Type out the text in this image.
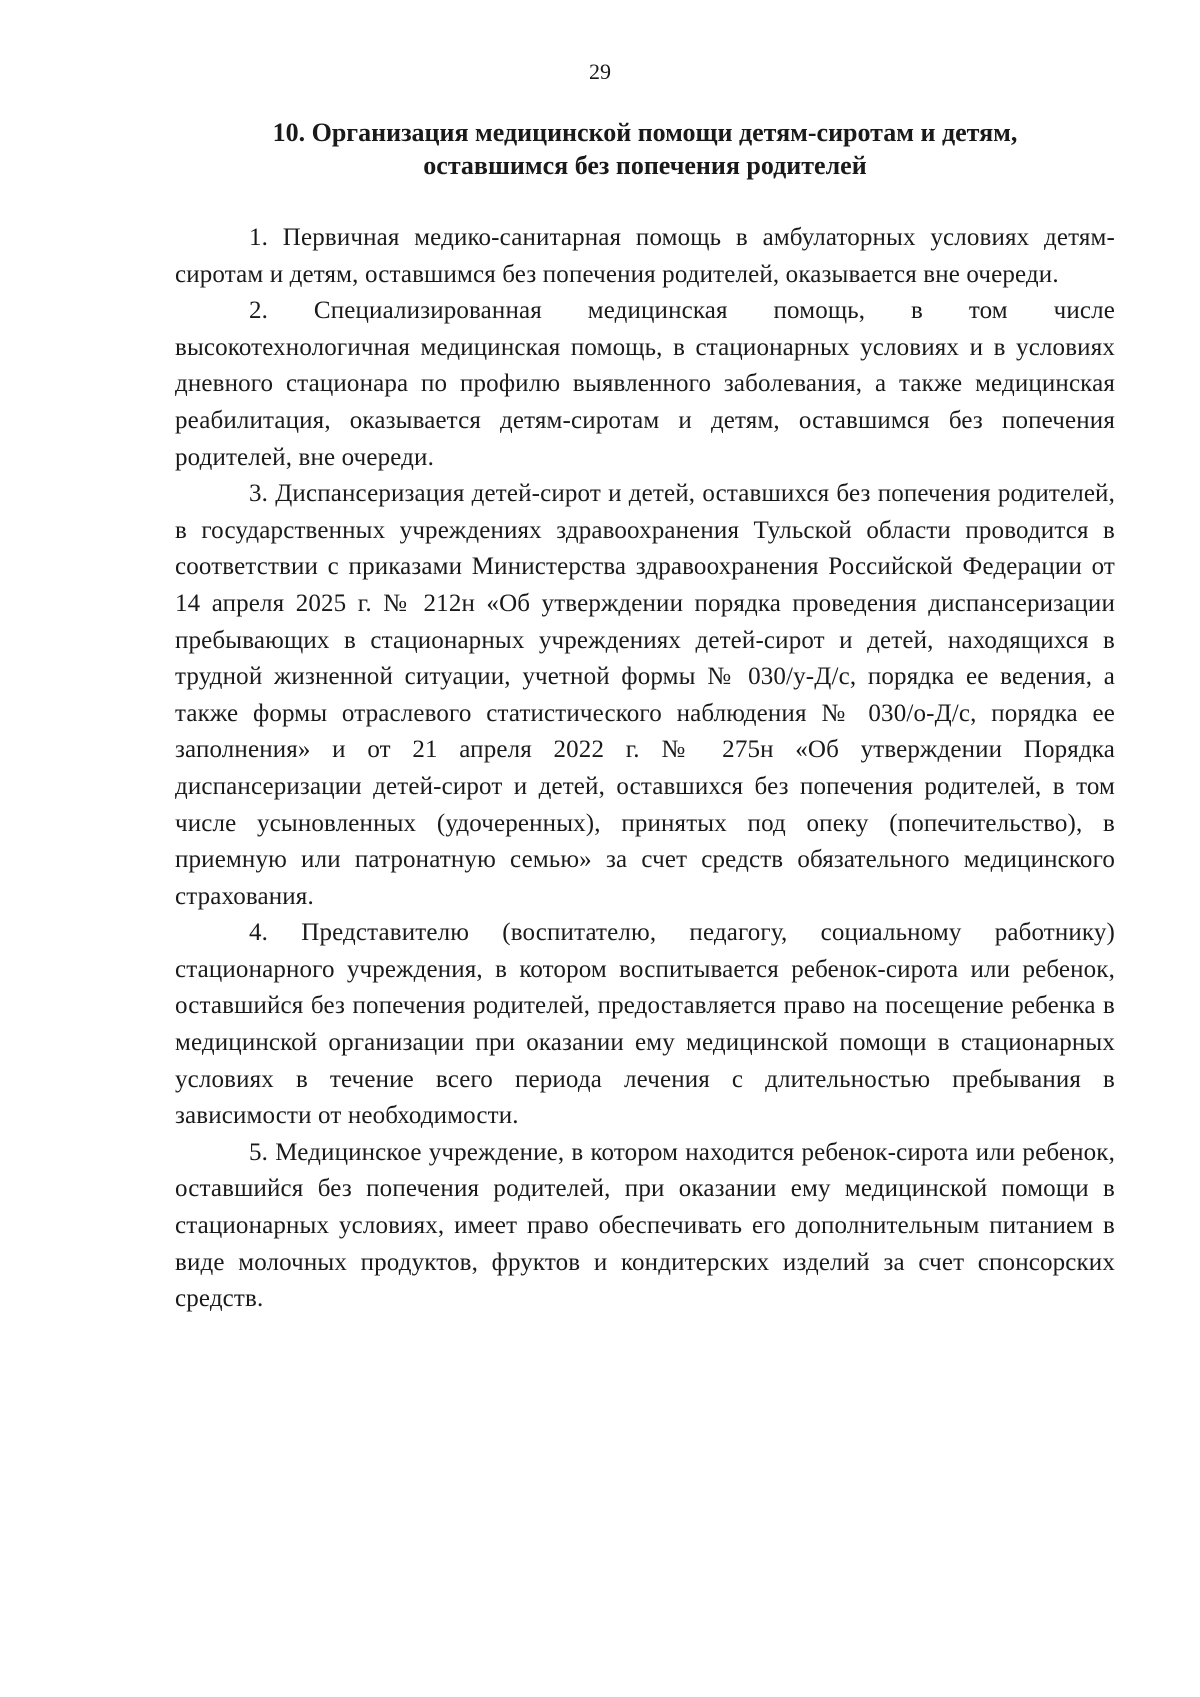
29
10. Организация медицинской помощи детям-сиротам и детям,
оставшимся без попечения родителей

1. Первичная медико-санитарная помощь в амбулаторных условиях детям-сиротам и детям, оставшимся без попечения родителей, оказывается вне очереди.

2. Специализированная медицинская помощь, в том числе высокотехнологичная медицинская помощь, в стационарных условиях и в условиях дневного стационара по профилю выявленного заболевания, а также медицинская реабилитация, оказывается детям-сиротам и детям, оставшимся без попечения родителей, вне очереди.

3. Диспансеризация детей-сирот и детей, оставшихся без попечения родителей, в государственных учреждениях здравоохранения Тульской области проводится в соответствии с приказами Министерства здравоохранения Российской Федерации от 14 апреля 2025 г. № 212н «Об утверждении порядка проведения диспансеризации пребывающих в стационарных учреждениях детей-сирот и детей, находящихся в трудной жизненной ситуации, учетной формы № 030/у-Д/с, порядка ее ведения, а также формы отраслевого статистического наблюдения № 030/о-Д/с, порядка ее заполнения» и от 21 апреля 2022 г. № 275н «Об утверждении Порядка диспансеризации детей-сирот и детей, оставшихся без попечения родителей, в том числе усыновленных (удочеренных), принятых под опеку (попечительство), в приемную или патронатную семью» за счет средств обязательного медицинского страхования.

4. Представителю (воспитателю, педагогу, социальному работнику) стационарного учреждения, в котором воспитывается ребенок-сирота или ребенок, оставшийся без попечения родителей, предоставляется право на посещение ребенка в медицинской организации при оказании ему медицинской помощи в стационарных условиях в течение всего периода лечения с длительностью пребывания в зависимости от необходимости.

5. Медицинское учреждение, в котором находится ребенок-сирота или ребенок, оставшийся без попечения родителей, при оказании ему медицинской помощи в стационарных условиях, имеет право обеспечивать его дополнительным питанием в виде молочных продуктов, фруктов и кондитерских изделий за счет спонсорских средств.
